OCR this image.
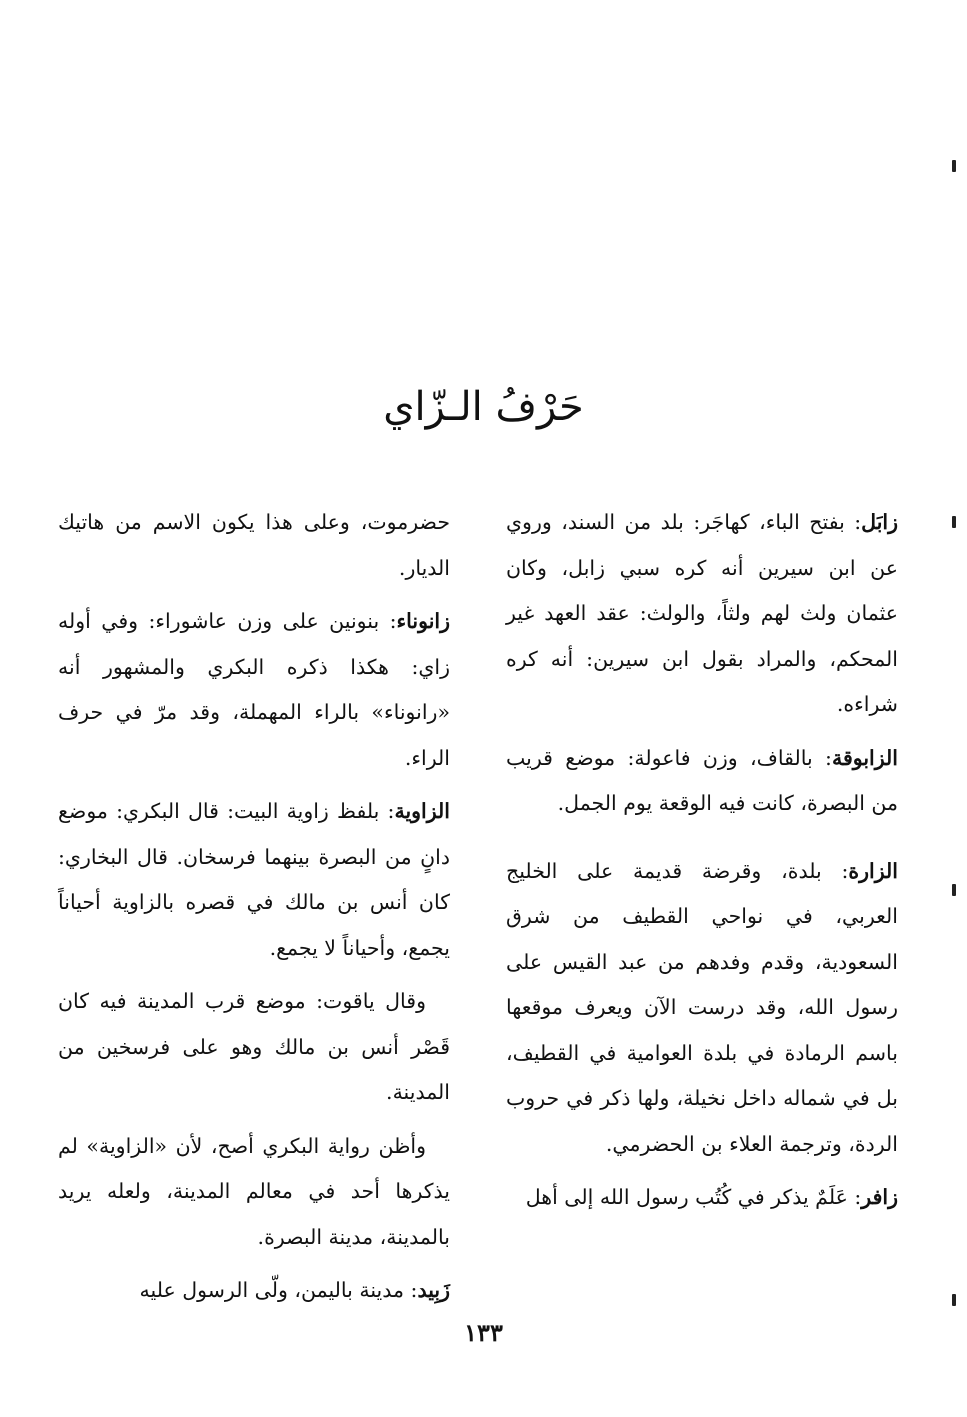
حَرْفُ الـزّاي

زابَل: بفتح الباء، كهاجَر: بلد من السند، وروي عن ابن سيرين أنه كره سبي زابل، وكان عثمان ولث لهم ولثاً، والولث: عقد العهد غير المحكم، والمراد بقول ابن سيرين: أنه كره شراءه.

الزابوقة: بالقاف، وزن فاعولة: موضع قريب من البصرة، كانت فيه الوقعة يوم الجمل.

الزارة: بلدة، وقرضة قديمة على الخليج العربي، في نواحي القطيف من شرق السعودية، وقدم وفدهم من عبد القيس على رسول الله، وقد درست الآن ويعرف موقعها باسم الرمادة في بلدة العوامية في القطيف، بل في شماله داخل نخيلة، ولها ذكر في حروب الردة، وترجمة العلاء بن الحضرمي.

زافر: عَلَمٌ يذكر في كُتُب رسول الله إلى أهل

حضرموت، وعلى هذا يكون الاسم من هاتيك الديار.

زانوناء: بنونين على وزن عاشوراء: وفي أوله زاي: هكذا ذكره البكري والمشهور أنه «رانوناء» بالراء المهملة، وقد مرّ في حرف الراء.

الزاوية: بلفظ زاوية البيت: قال البكري: موضع دانٍ من البصرة بينهما فرسخان. قال البخاري: كان أنس بن مالك في قصره بالزاوية أحياناً يجمع، وأحياناً لا يجمع.

وقال ياقوت: موضع قرب المدينة فيه كان قَصْر أنس بن مالك وهو على فرسخين من المدينة.

وأظن رواية البكري أصح، لأن «الزاوية» لم يذكرها أحد في معالم المدينة، ولعله يريد بالمدينة، مدينة البصرة.

زَبِيد: مدينة باليمن، ولّى الرسول عليه

١٣٣
